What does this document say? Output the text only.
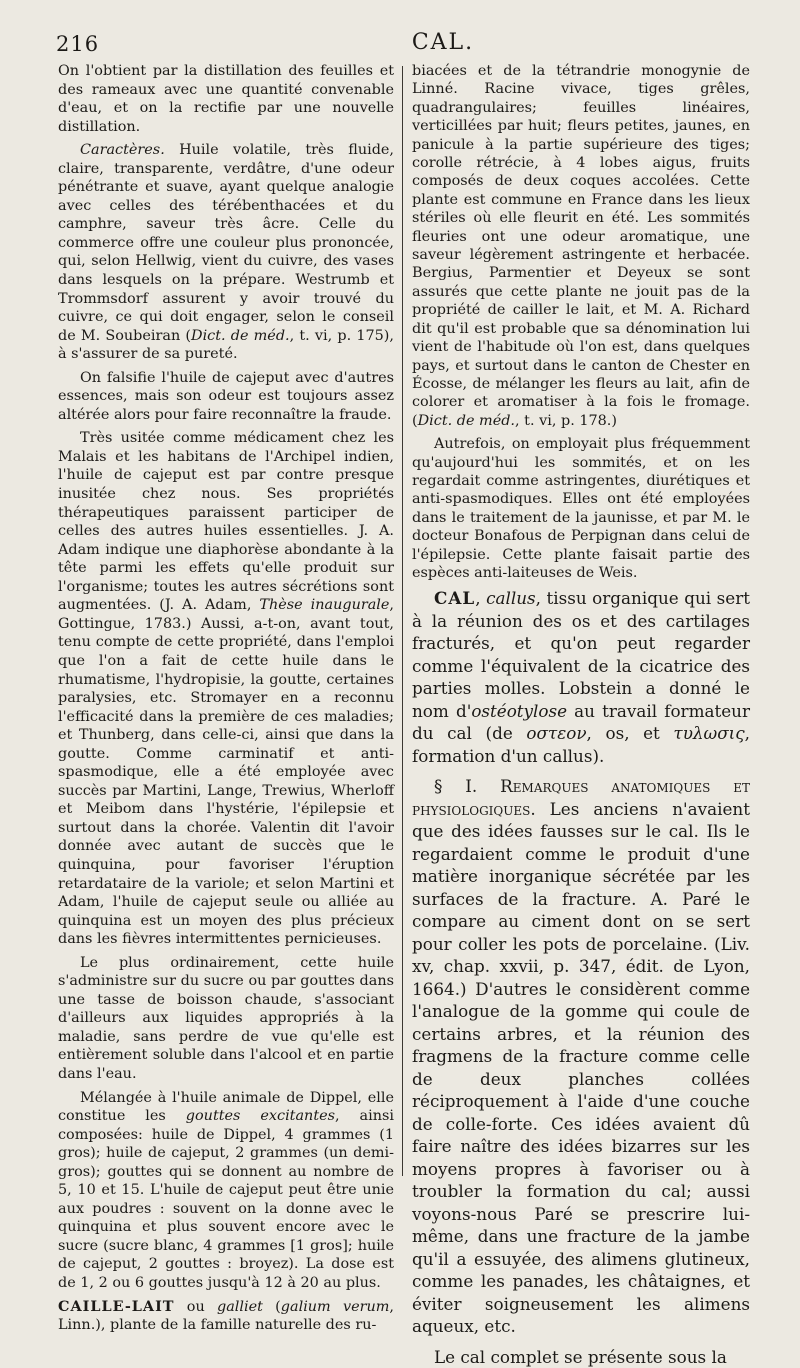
216	CAL.

On l'obtient par la distillation des feuilles et des rameaux avec une quantité convenable d'eau, et on la rectifie par une nouvelle distillation.

Caractères. Huile volatile, très fluide, claire, transparente, verdâtre, d'une odeur pénétrante et suave, ayant quelque analogie avec celles des térébenthacées et du camphre, saveur très âcre. Celle du commerce offre une couleur plus prononcée, qui, selon Hellwig, vient du cuivre, des vases dans lesquels on la prépare. Westrumb et Trommsdorf assurent y avoir trouvé du cuivre, ce qui doit engager, selon le conseil de M. Soubeiran (Dict. de méd., t. vi, p. 175), à s'assurer de sa pureté.

On falsifie l'huile de cajeput avec d'autres essences, mais son odeur est toujours assez altérée alors pour faire reconnaître la fraude.

Très usitée comme médicament chez les Malais et les habitans de l'Archipel indien, l'huile de cajeput est par contre presque inusitée chez nous. Ses propriétés thérapeutiques paraissent participer de celles des autres huiles essentielles. J. A. Adam indique une diaphorèse abondante à la tête parmi les effets qu'elle produit sur l'organisme; toutes les autres sécrétions sont augmentées. (J. A. Adam, Thèse inaugurale, Gottingue, 1783.) Aussi, a-t-on, avant tout, tenu compte de cette propriété, dans l'emploi que l'on a fait de cette huile dans le rhumatisme, l'hydropisie, la goutte, certaines paralysies, etc. Stromayer en a reconnu l'efficacité dans la première de ces maladies; et Thunberg, dans celle-ci, ainsi que dans la goutte. Comme carminatif et anti-spasmodique, elle a été employée avec succès par Martini, Lange, Trewius, Wherloff et Meibom dans l'hystérie, l'épilepsie et surtout dans la chorée. Valentin dit l'avoir donnée avec autant de succès que le quinquina, pour favoriser l'éruption retardataire de la variole; et selon Martini et Adam, l'huile de cajeput seule ou alliée au quinquina est un moyen des plus précieux dans les fièvres intermittentes pernicieuses.

Le plus ordinairement, cette huile s'administre sur du sucre ou par gouttes dans une tasse de boisson chaude, s'associant d'ailleurs aux liquides appropriés à la maladie, sans perdre de vue qu'elle est entièrement soluble dans l'alcool et en partie dans l'eau.

Mélangée à l'huile animale de Dippel, elle constitue les gouttes excitantes, ainsi composées: huile de Dippel, 4 grammes (1 gros); huile de cajeput, 2 grammes (un demi-gros); gouttes qui se donnent au nombre de 5, 10 et 15. L'huile de cajeput peut être unie aux poudres : souvent on la donne avec le quinquina et plus souvent encore avec le sucre (sucre blanc, 4 grammes [1 gros]; huile de cajeput, 2 gouttes : broyez). La dose est de 1, 2 ou 6 gouttes jusqu'à 12 à 20 au plus.

CAILLE-LAIT ou galliet (galium verum, Linn.), plante de la famille naturelle des ru-

biacées et de la tétrandrie monogynie de Linné. Racine vivace, tiges grêles, quadrangulaires; feuilles linéaires, verticillées par huit; fleurs petites, jaunes, en panicule à la partie supérieure des tiges; corolle rétrécie, à 4 lobes aigus, fruits composés de deux coques accolées. Cette plante est commune en France dans les lieux stériles où elle fleurit en été. Les sommités fleuries ont une odeur aromatique, une saveur légèrement astringente et herbacée. Bergius, Parmentier et Deyeux se sont assurés que cette plante ne jouit pas de la propriété de cailler le lait, et M. A. Richard dit qu'il est probable que sa dénomination lui vient de l'habitude où l'on est, dans quelques pays, et surtout dans le canton de Chester en Écosse, de mélanger les fleurs au lait, afin de colorer et aromatiser à la fois le fromage. (Dict. de méd., t. vi, p. 178.)

Autrefois, on employait plus fréquemment qu'aujourd'hui les sommités, et on les regardait comme astringentes, diurétiques et anti-spasmodiques. Elles ont été employées dans le traitement de la jaunisse, et par M. le docteur Bonafous de Perpignan dans celui de l'épilepsie. Cette plante faisait partie des espèces anti-laiteuses de Weis.

CAL, callus, tissu organique qui sert à la réunion des os et des cartilages fracturés, et qu'on peut regarder comme l'équivalent de la cicatrice des parties molles. Lobstein a donné le nom d'ostéotylose au travail formateur du cal (de οστεον, os, et τυλωσις, formation d'un callus).

§ I. Remarques anatomiques et physiologiques. Les anciens n'avaient que des idées fausses sur le cal. Ils le regardaient comme le produit d'une matière inorganique sécrétée par les surfaces de la fracture. A. Paré le compare au ciment dont on se sert pour coller les pots de porcelaine. (Liv. xv, chap. xxvii, p. 347, édit. de Lyon, 1664.) D'autres le considèrent comme l'analogue de la gomme qui coule de certains arbres, et la réunion des fragmens de la fracture comme celle de deux planches collées réciproquement à l'aide d'une couche de colle-forte. Ces idées avaient dû faire naître des idées bizarres sur les moyens propres à favoriser ou à troubler la formation du cal; aussi voyons-nous Paré se prescrire lui-même, dans une fracture de la jambe qu'il a essuyée, des alimens glutineux, comme les panades, les châtaignes, et éviter soigneusement les alimens aqueux, etc.

Le cal complet se présente sous la
